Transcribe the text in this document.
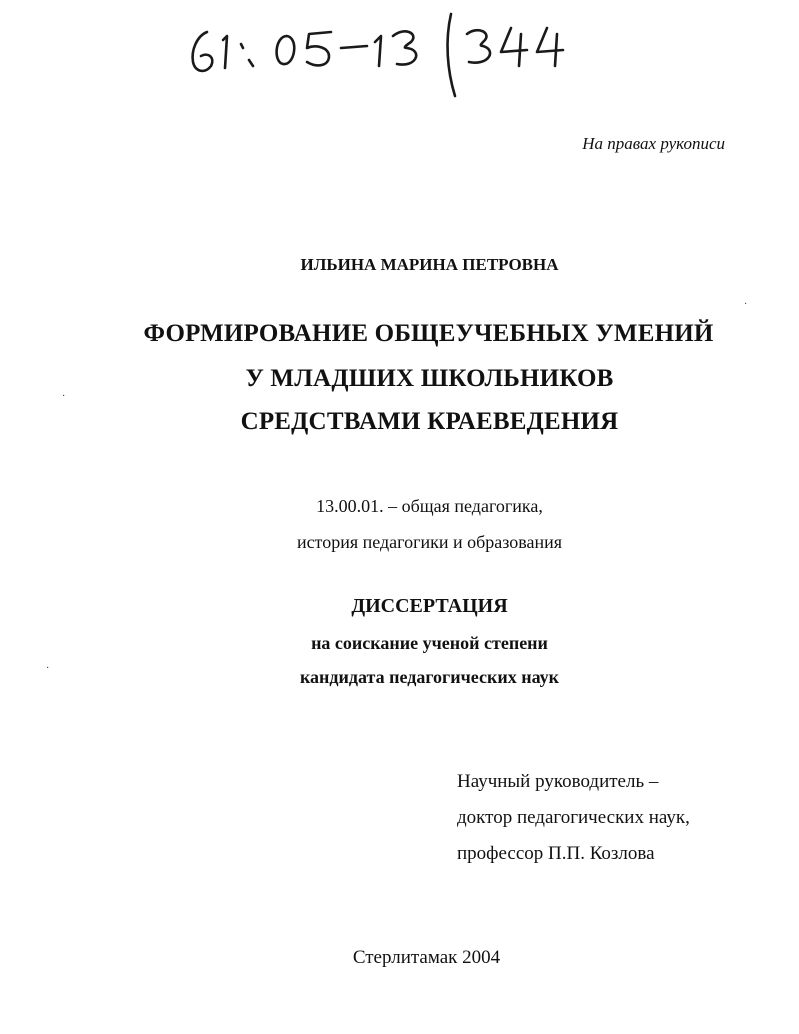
На правах рукописи
ИЛЬИНА МАРИНА ПЕТРОВНА
ФОРМИРОВАНИЕ ОБЩЕУЧЕБНЫХ УМЕНИЙ
У МЛАДШИХ ШКОЛЬНИКОВ
СРЕДСТВАМИ КРАЕВЕДЕНИЯ
13.00.01. – общая педагогика,
история педагогики и образования
ДИССЕРТАЦИЯ
на соискание ученой степени
кандидата педагогических наук
Научный руководитель –
доктор педагогических наук,
профессор П.П. Козлова
Стерлитамак 2004
·
·
·
